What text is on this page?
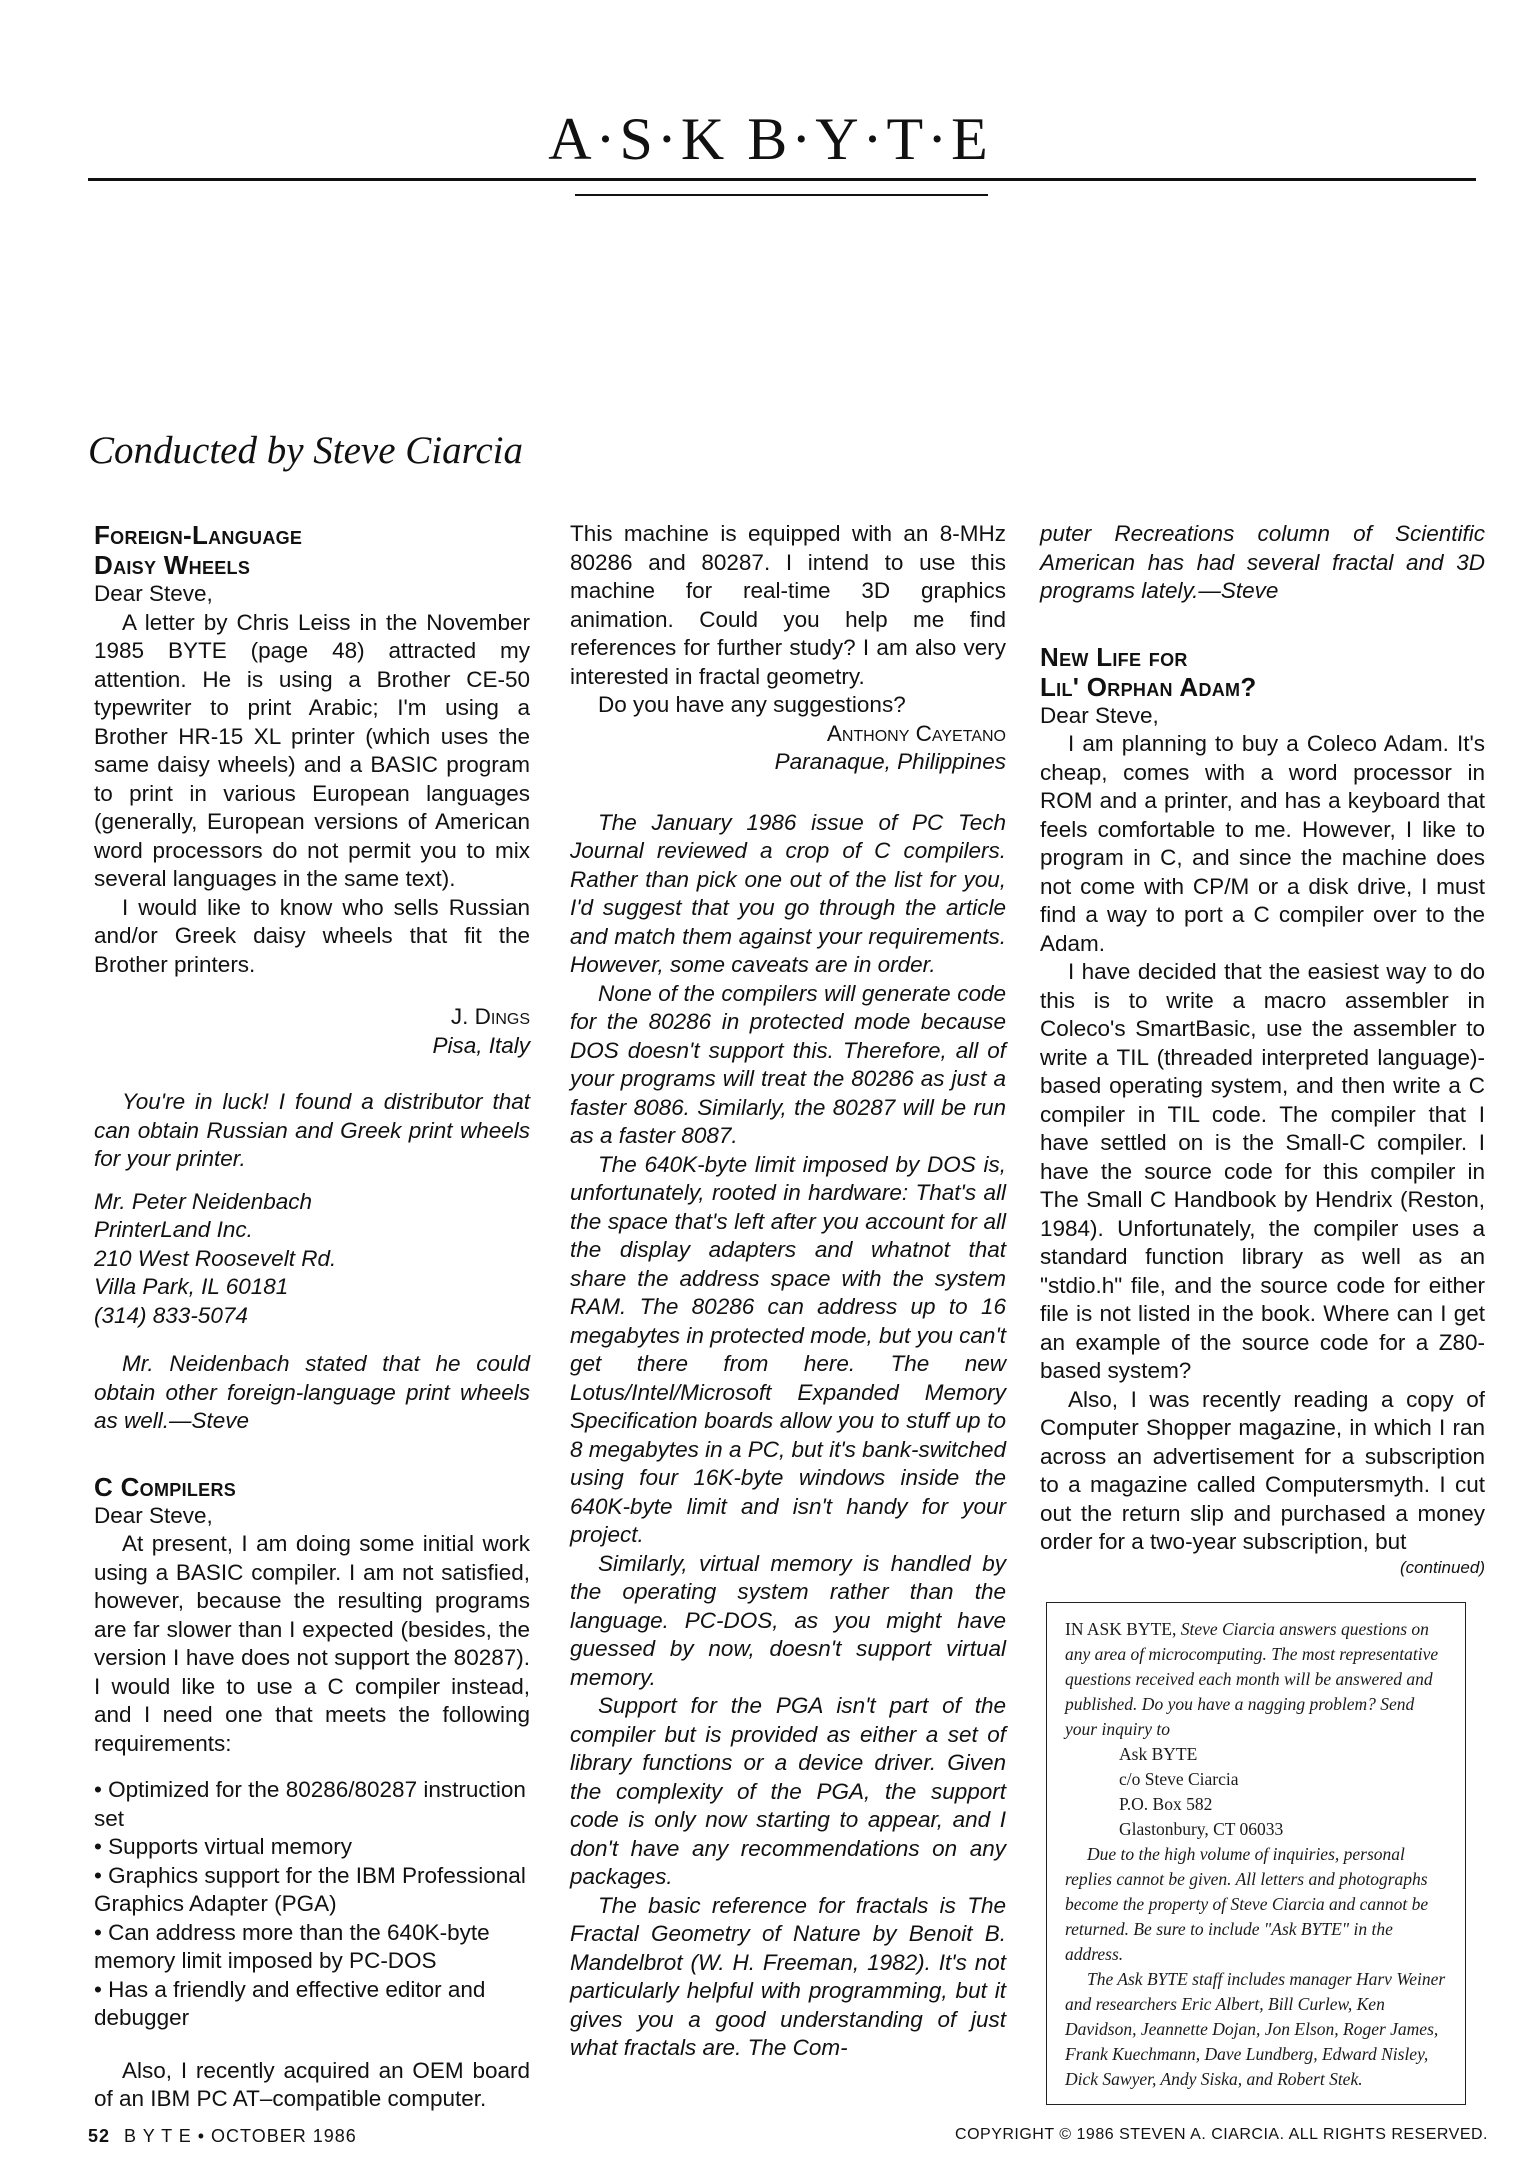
A·S·K B·Y·T·E
Conducted by Steve Ciarcia
Foreign-Language
Daisy Wheels

Dear Steve,

A letter by Chris Leiss in the November 1985 BYTE (page 48) attracted my attention. He is using a Brother CE-50 typewriter to print Arabic; I'm using a Brother HR-15 XL printer (which uses the same daisy wheels) and a BASIC program to print in various European languages (generally, European versions of American word processors do not permit you to mix several languages in the same text).

I would like to know who sells Russian and/or Greek daisy wheels that fit the Brother printers.

J. Dings

Pisa, Italy

You're in luck! I found a distributor that can obtain Russian and Greek print wheels for your printer.

Mr. Peter Neidenbach
PrinterLand Inc.
210 West Roosevelt Rd.
Villa Park, IL 60181
(314) 833-5074

Mr. Neidenbach stated that he could obtain other foreign-language print wheels as well.—Steve

C Compilers

Dear Steve,

At present, I am doing some initial work using a BASIC compiler. I am not satisfied, however, because the resulting programs are far slower than I expected (besides, the version I have does not support the 80287). I would like to use a C compiler instead, and I need one that meets the following requirements:

• Optimized for the 80286/80287 instruction set
• Supports virtual memory
• Graphics support for the IBM Professional Graphics Adapter (PGA)
• Can address more than the 640K-byte memory limit imposed by PC-DOS
• Has a friendly and effective editor and debugger

Also, I recently acquired an OEM board of an IBM PC AT–compatible computer.

This machine is equipped with an 8-MHz 80286 and 80287. I intend to use this machine for real-time 3D graphics animation. Could you help me find references for further study? I am also very interested in fractal geometry.

Do you have any suggestions?

Anthony Cayetano

Paranaque, Philippines

The January 1986 issue of PC Tech Journal reviewed a crop of C compilers. Rather than pick one out of the list for you, I'd suggest that you go through the article and match them against your requirements. However, some caveats are in order.

None of the compilers will generate code for the 80286 in protected mode because DOS doesn't support this. Therefore, all of your programs will treat the 80286 as just a faster 8086. Similarly, the 80287 will be run as a faster 8087.

The 640K-byte limit imposed by DOS is, unfortunately, rooted in hardware: That's all the space that's left after you account for all the display adapters and whatnot that share the address space with the system RAM. The 80286 can address up to 16 megabytes in protected mode, but you can't get there from here. The new Lotus/Intel/Microsoft Expanded Memory Specification boards allow you to stuff up to 8 megabytes in a PC, but it's bank-switched using four 16K-byte windows inside the 640K-byte limit and isn't handy for your project.

Similarly, virtual memory is handled by the operating system rather than the language. PC-DOS, as you might have guessed by now, doesn't support virtual memory.

Support for the PGA isn't part of the compiler but is provided as either a set of library functions or a device driver. Given the complexity of the PGA, the support code is only now starting to appear, and I don't have any recommendations on any packages.

The basic reference for fractals is The Fractal Geometry of Nature by Benoit B. Mandelbrot (W. H. Freeman, 1982). It's not particularly helpful with programming, but it gives you a good understanding of just what fractals are. The Com-

puter Recreations column of Scientific American has had several fractal and 3D programs lately.—Steve

New Life for
Lil' Orphan Adam?

Dear Steve,

I am planning to buy a Coleco Adam. It's cheap, comes with a word processor in ROM and a printer, and has a keyboard that feels comfortable to me. However, I like to program in C, and since the machine does not come with CP/M or a disk drive, I must find a way to port a C compiler over to the Adam.

I have decided that the easiest way to do this is to write a macro assembler in Coleco's SmartBasic, use the assembler to write a TIL (threaded interpreted language)-based operating system, and then write a C compiler in TIL code. The compiler that I have settled on is the Small-C compiler. I have the source code for this compiler in The Small C Handbook by Hendrix (Reston, 1984). Unfortunately, the compiler uses a standard function library as well as an "stdio.h" file, and the source code for either file is not listed in the book. Where can I get an example of the source code for a Z80-based system?

Also, I was recently reading a copy of Computer Shopper magazine, in which I ran across an advertisement for a subscription to a magazine called Computersmyth. I cut out the return slip and purchased a money order for a two-year subscription, but

(continued)

IN ASK BYTE, Steve Ciarcia answers questions on any area of microcomputing. The most representative questions received each month will be answered and published. Do you have a nagging problem? Send your inquiry to

Ask BYTE
c/o Steve Ciarcia
P.O. Box 582
Glastonbury, CT 06033

Due to the high volume of inquiries, personal replies cannot be given. All letters and photographs become the property of Steve Ciarcia and cannot be returned. Be sure to include "Ask BYTE" in the address.

The Ask BYTE staff includes manager Harv Weiner and researchers Eric Albert, Bill Curlew, Ken Davidson, Jeannette Dojan, Jon Elson, Roger James, Frank Kuechmann, Dave Lundberg, Edward Nisley, Dick Sawyer, Andy Siska, and Robert Stek.

52 B Y T E • OCTOBER 1986	COPYRIGHT © 1986 STEVEN A. CIARCIA. ALL RIGHTS RESERVED.
